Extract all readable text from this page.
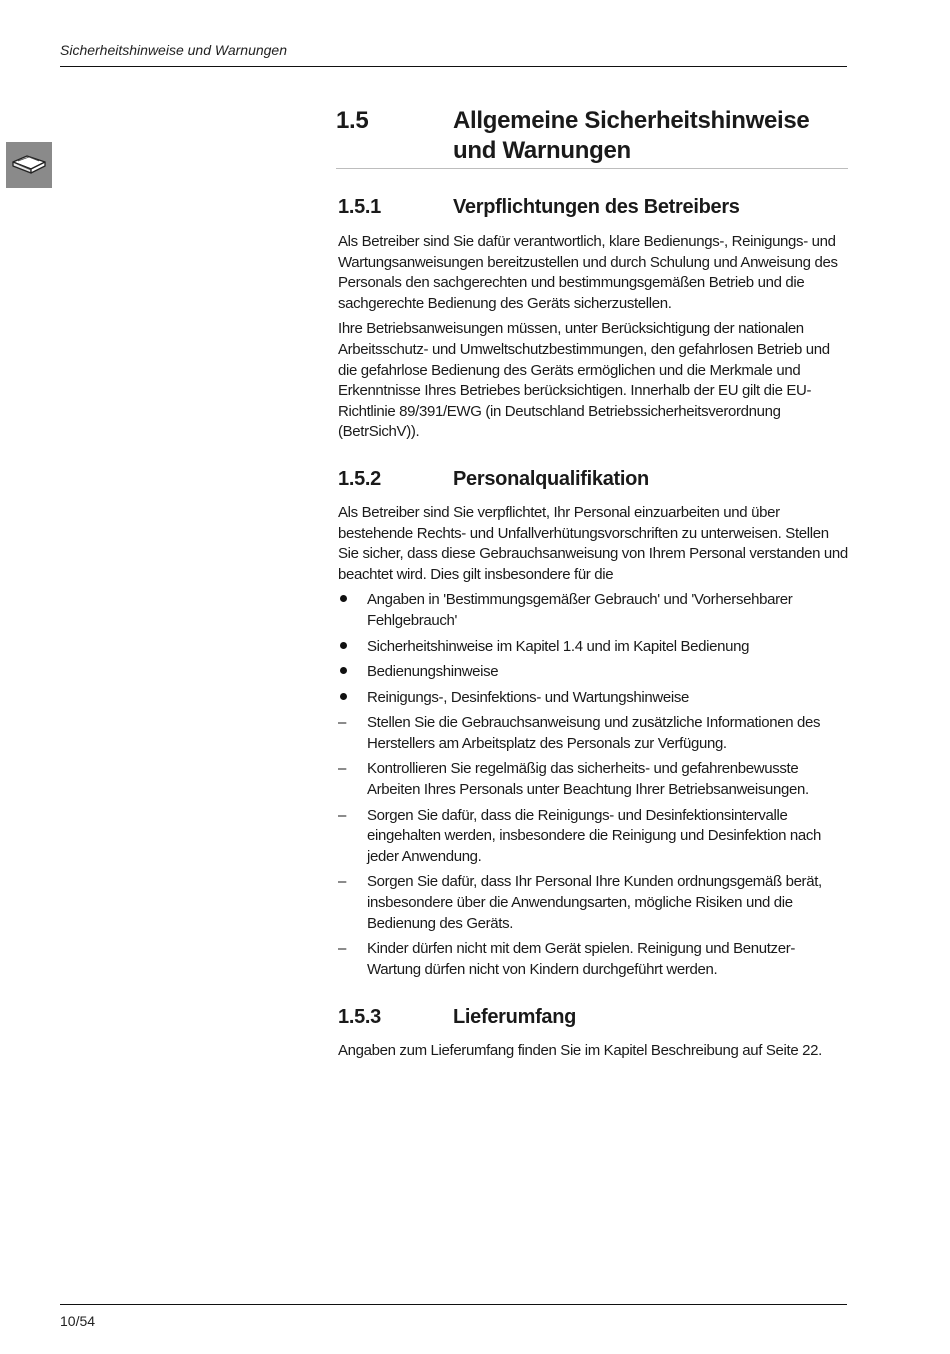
Sicherheitshinweise und Warnungen
1.5	Allgemeine Sicherheitshinweise und Warnungen
1.5.1	Verpflichtungen des Betreibers

Als Betreiber sind Sie dafür verantwortlich, klare Bedienungs-, Reinigungs- und Wartungsanweisungen bereitzustellen und durch Schulung und Anweisung des Personals den sachgerechten und bestimmungsgemäßen Betrieb und die sachgerechte Bedienung des Geräts sicherzustellen.

Ihre Betriebsanweisungen müssen, unter Berücksichtigung der nationalen Arbeitsschutz- und Umweltschutzbestimmungen, den gefahrlosen Betrieb und die gefahrlose Bedienung des Geräts ermöglichen und die Merkmale und Erkenntnisse Ihres Betriebes berücksichtigen. Innerhalb der EU gilt die EU-Richtlinie 89/391/EWG (in Deutschland Betriebssicherheitsverordnung (BetrSichV)).

1.5.2	Personalqualifikation

Als Betreiber sind Sie verpflichtet, Ihr Personal einzuarbeiten und über bestehende Rechts- und Unfallverhütungsvorschriften zu unterweisen. Stellen Sie sicher, dass diese Gebrauchsanweisung von Ihrem Personal verstanden und beachtet wird. Dies gilt insbesondere für die

Angaben in 'Bestimmungsgemäßer Gebrauch' und 'Vorhersehbarer Fehlgebrauch'
Sicherheitshinweise im Kapitel 1.4 und im Kapitel Bedienung
Bedienungshinweise
Reinigungs-, Desinfektions- und Wartungshinweise
–	Stellen Sie die Gebrauchsanweisung und zusätzliche Informationen des Herstellers am Arbeitsplatz des Personals zur Verfügung.
–	Kontrollieren Sie regelmäßig das sicherheits- und gefahrenbewusste Arbeiten Ihres Personals unter Beachtung Ihrer Betriebsanweisungen.
–	Sorgen Sie dafür, dass die Reinigungs- und Desinfektionsintervalle eingehalten werden, insbesondere die Reinigung und Desinfektion nach jeder Anwendung.
–	Sorgen Sie dafür, dass Ihr Personal Ihre Kunden ordnungsgemäß berät, insbesondere über die Anwendungsarten, mögliche Risiken und die Bedienung des Geräts.
–	Kinder dürfen nicht mit dem Gerät spielen. Reinigung und Benutzer-Wartung dürfen nicht von Kindern durchgeführt werden.
1.5.3	Lieferumfang

Angaben zum Lieferumfang finden Sie im Kapitel Beschreibung auf Seite 22.

10/54
